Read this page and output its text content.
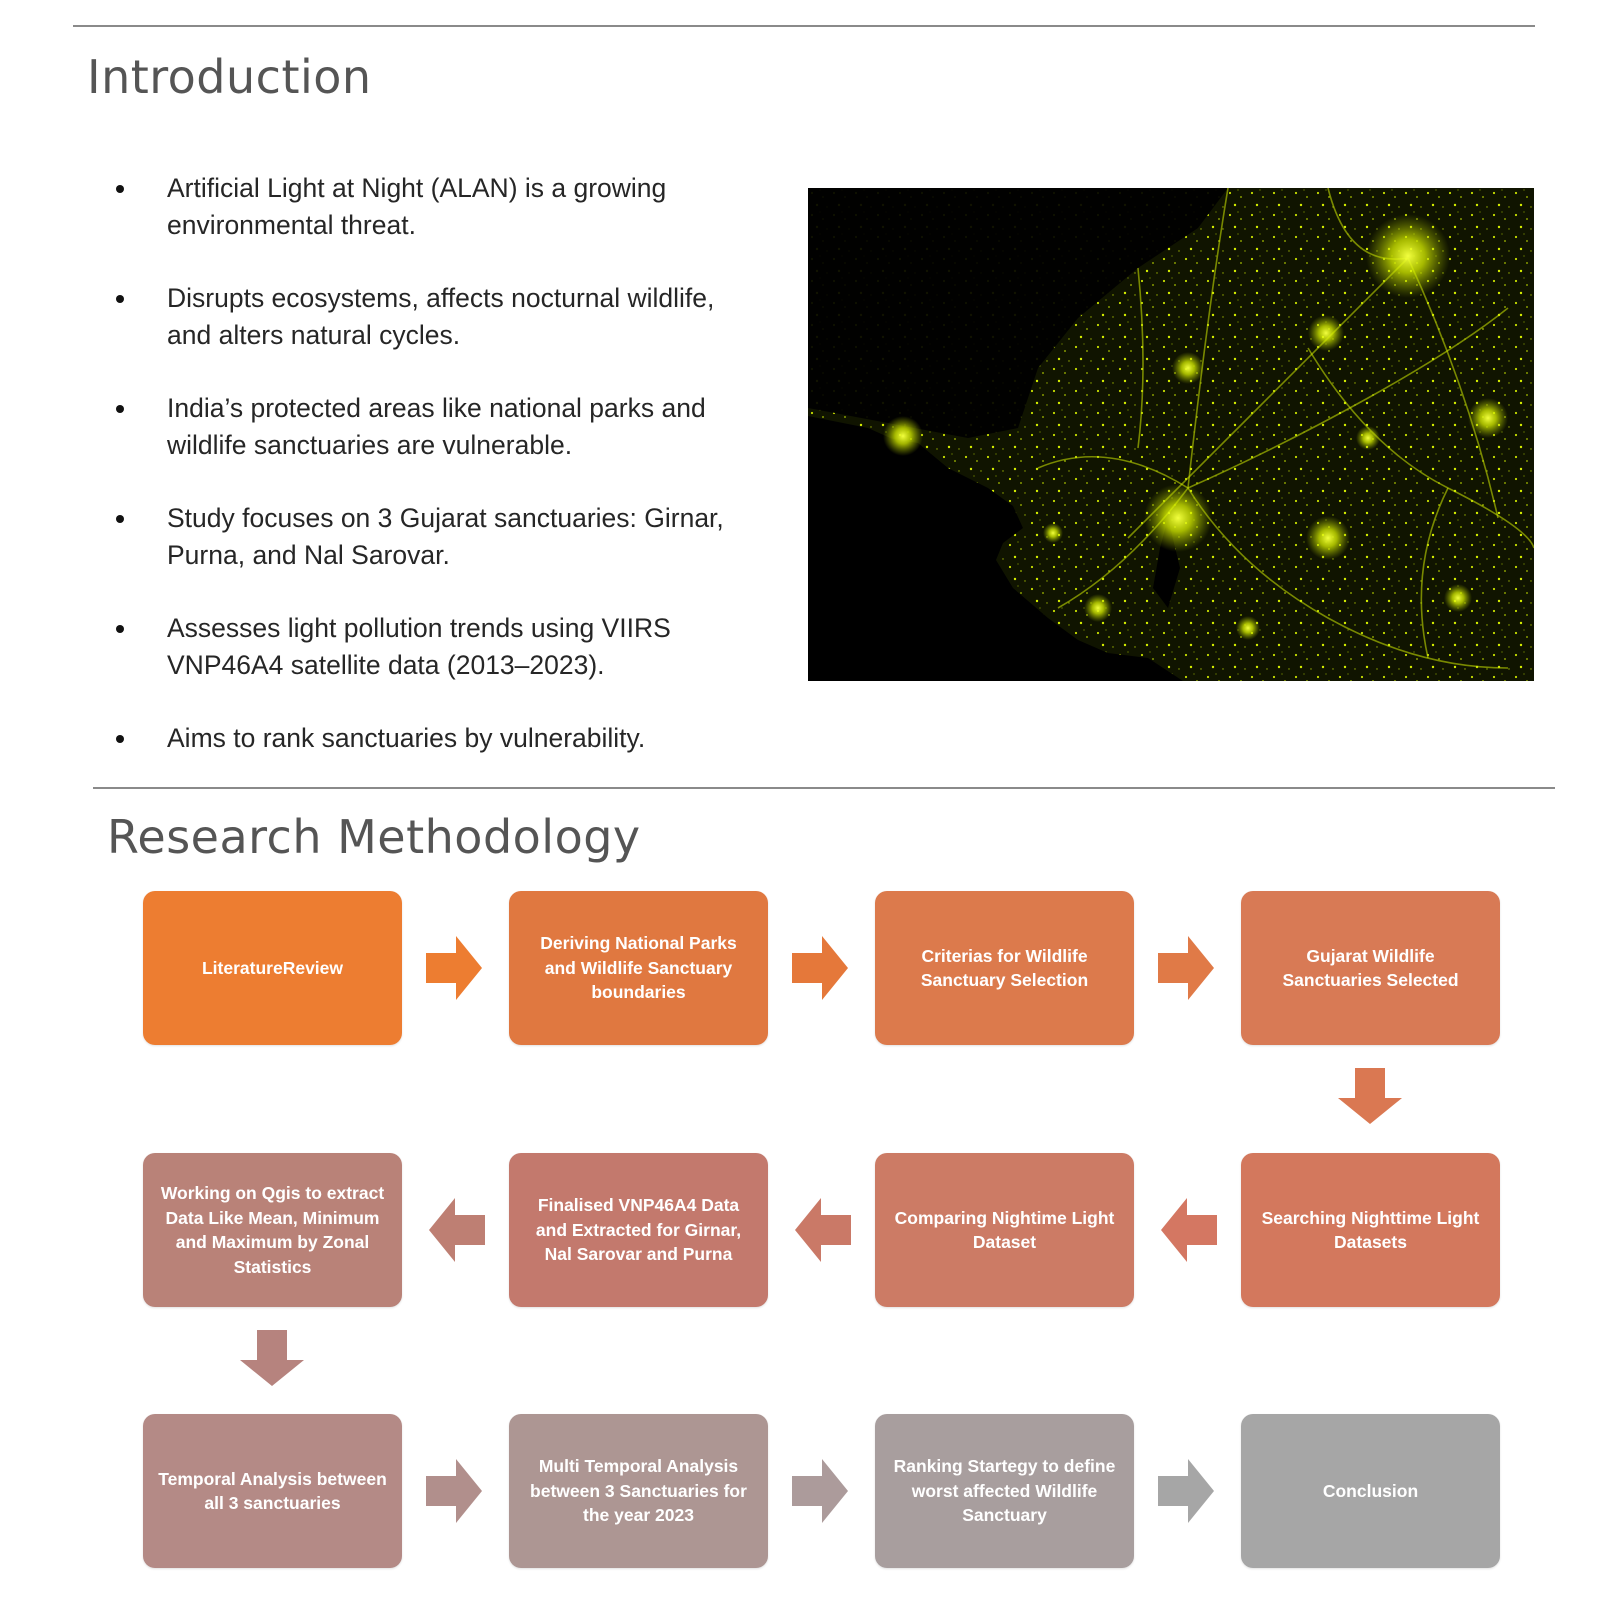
Introduction
Artificial Light at Night (ALAN) is a growing environmental threat.
Disrupts ecosystems, affects nocturnal wildlife, and alters natural cycles.
India’s protected areas like national parks and wildlife sanctuaries are vulnerable.
Study focuses on 3 Gujarat sanctuaries: Girnar, Purna, and Nal Sarovar.
Assesses light pollution trends using VIIRS VNP46A4 satellite data (2013–2023).
Aims to rank sanctuaries by vulnerability.
Research Methodology
LiteratureReview
Deriving National Parks and Wildlife Sanctuary boundaries
Criterias for Wildlife Sanctuary Selection
Gujarat Wildlife Sanctuaries Selected
Searching Nighttime Light Datasets
Comparing Nightime Light Dataset
Finalised VNP46A4 Data and Extracted for Girnar, Nal Sarovar and Purna
Working on Qgis to extract Data Like Mean, Minimum and Maximum by Zonal Statistics
Temporal Analysis between all 3 sanctuaries
Multi Temporal Analysis between 3 Sanctuaries for the year 2023
Ranking Startegy to define worst affected Wildlife Sanctuary
Conclusion
